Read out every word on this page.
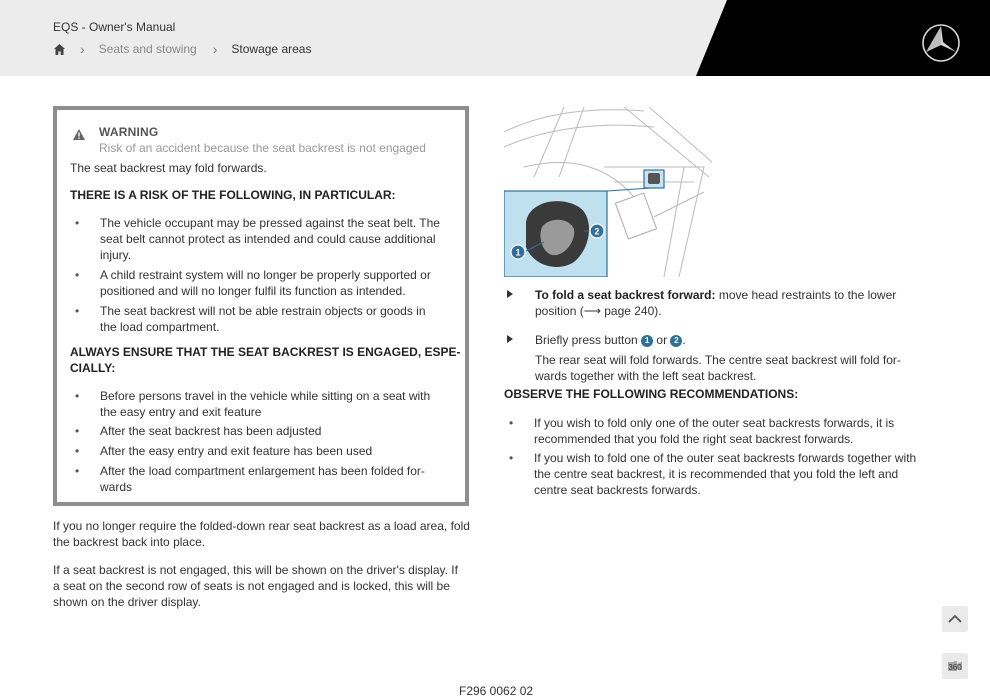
EQS - Owner's Manual
› Seats and stowing › Stowage areas
WARNING
Risk of an accident because the seat backrest is not engaged
The seat backrest may fold forwards.
THERE IS A RISK OF THE FOLLOWING, IN PARTICULAR:
• The vehicle occupant may be pressed against the seat belt. The seat belt cannot protect as intended and could cause additional injury.
• A child restraint system will no longer be properly supported or positioned and will no longer fulfil its function as intended.
• The seat backrest will not be able restrain objects or goods in the load compartment.
ALWAYS ENSURE THAT THE SEAT BACKREST IS ENGAGED, ESPE-
CIALLY:
• Before persons travel in the vehicle while sitting on a seat with the easy entry and exit feature
• After the seat backrest has been adjusted
• After the easy entry and exit feature has been used
• After the load compartment enlargement has been folded for- wards
If you no longer require the folded-down rear seat backrest as a load area, fold the backrest back into place.
If a seat backrest is not engaged, this will be shown on the driver's display. If a seat on the second row of seats is not engaged and is locked, this will be shown on the driver display.
2
1
To fold a seat backrest forward: move head restraints to the lower position (⟶ page 240).
Briefly press button 1 or 2 .
The rear seat will fold forwards. The centre seat backrest will fold for- wards together with the left seat backrest.
OBSERVE THE FOLLOWING RECOMMENDATIONS:
• If you wish to fold only one of the outer seat backrests forwards, it is recommended that you fold the right seat backrest forwards.
• If you wish to fold one of the outer seat backrests forwards together with the centre seat backrest, it is recommended that you fold the left and centre seat backrests forwards.
360
F296 0062 02
